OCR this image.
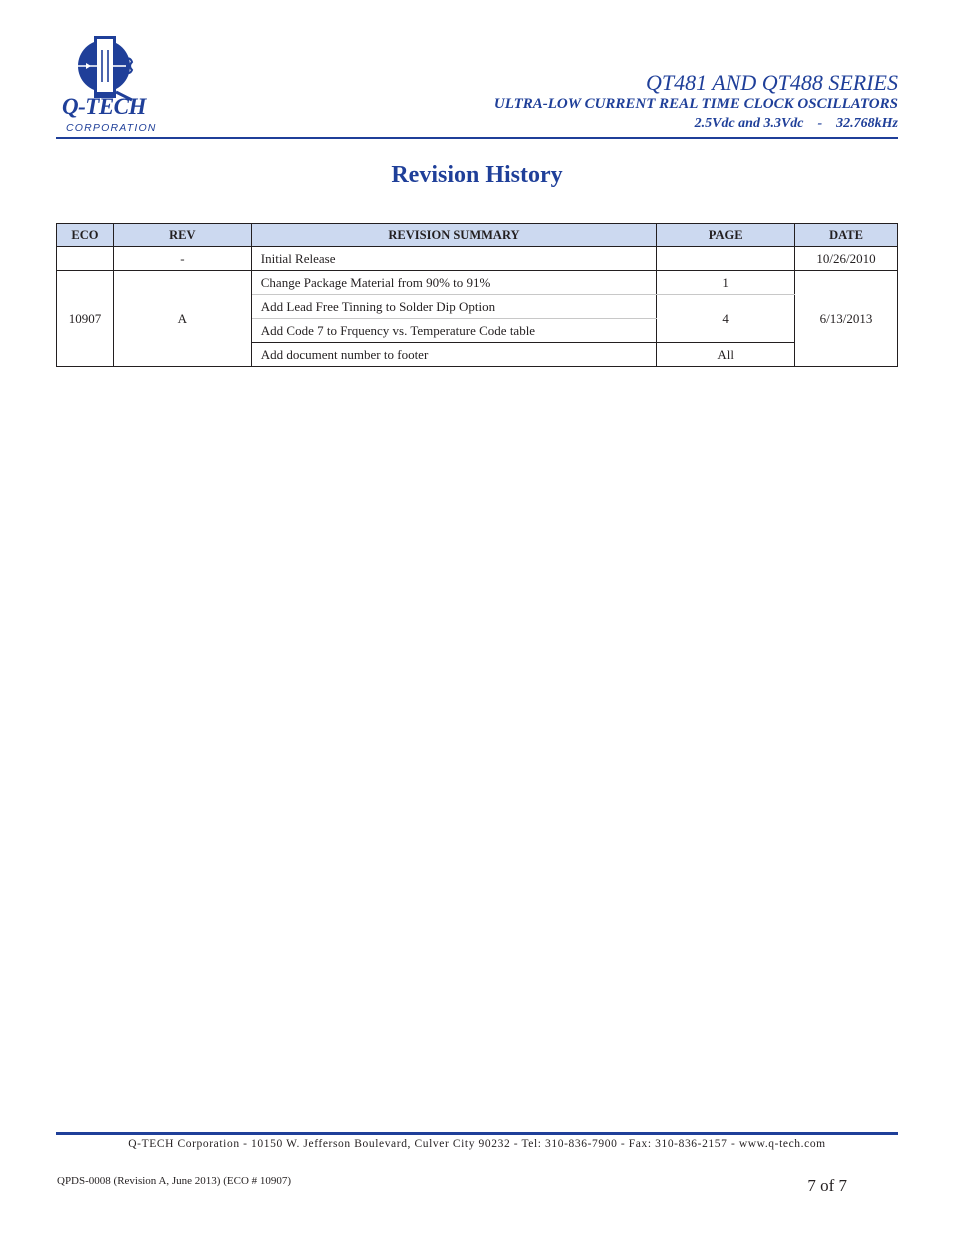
Q-TECH
CORPORATION
QT481 AND QT488 SERIES
ULTRA-LOW CURRENT REAL TIME CLOCK OSCILLATORS
2.5Vdc and 3.3Vdc    -    32.768kHz
Revision History
ECO	REV	REVISION SUMMARY	PAGE	DATE
	-	Initial Release		10/26/2010
10907	A	Change Package Material from 90% to 91%	1	6/13/2013
		Add Lead Free Tinning to Solder Dip Option	4	
		Add Code 7 to Frquency vs. Temperature Code table		
		Add document number to footer	All	
Q-TECH Corporation - 10150 W. Jefferson Boulevard, Culver City 90232 - Tel: 310-836-7900 - Fax: 310-836-2157 - www.q-tech.com
QPDS-0008 (Revision A, June 2013) (ECO # 10907)	7 of 7
